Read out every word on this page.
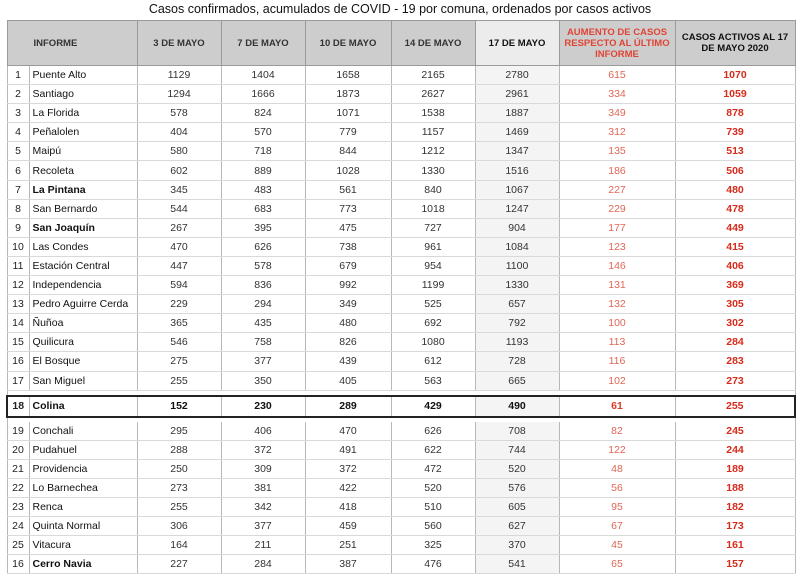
Casos confirmados, acumulados de COVID - 19 por comuna, ordenados por casos activos
INFORME		3 DE MAYO	7 DE MAYO	10 DE MAYO	14 DE MAYO	17 DE MAYO	AUMENTO DE CASOS RESPECTO AL ÚLTIMO INFORME	CASOS ACTIVOS AL 17 DE MAYO 2020
1	Puente Alto	1129	1404	1658	2165	2780	615	1070
2	Santiago	1294	1666	1873	2627	2961	334	1059
3	La Florida	578	824	1071	1538	1887	349	878
4	Peñalolen	404	570	779	1157	1469	312	739
5	Maipú	580	718	844	1212	1347	135	513
6	Recoleta	602	889	1028	1330	1516	186	506
7	La Pintana	345	483	561	840	1067	227	480
8	San Bernardo	544	683	773	1018	1247	229	478
9	San Joaquín	267	395	475	727	904	177	449
10	Las Condes	470	626	738	961	1084	123	415
11	Estación Central	447	578	679	954	1100	146	406
12	Independencia	594	836	992	1199	1330	131	369
13	Pedro Aguirre Cerda	229	294	349	525	657	132	305
14	Ñuñoa	365	435	480	692	792	100	302
15	Quilicura	546	758	826	1080	1193	113	284
16	El Bosque	275	377	439	612	728	116	283
17	San Miguel	255	350	405	563	665	102	273

18	Colina	152	230	289	429	490	61	255

19	Conchali	295	406	470	626	708	82	245
20	Pudahuel	288	372	491	622	744	122	244
21	Providencia	250	309	372	472	520	48	189
22	Lo Barnechea	273	381	422	520	576	56	188
23	Renca	255	342	418	510	605	95	182
24	Quinta Normal	306	377	459	560	627	67	173
25	Vitacura	164	211	251	325	370	45	161
16	Cerro Navia	227	284	387	476	541	65	157
